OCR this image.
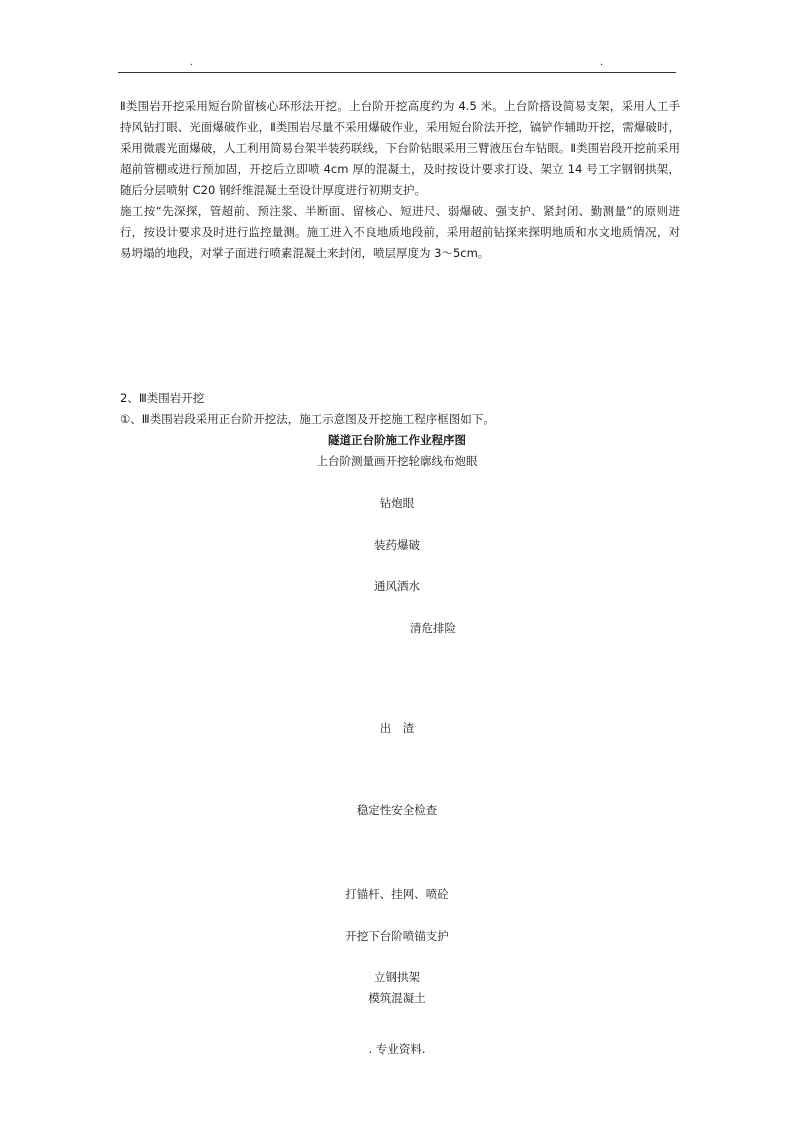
.	.
Ⅱ类围岩开挖采用短台阶留核心环形法开挖。上台阶开挖高度约为 4.5 米。上台阶搭设简易支架，采用人工手持风钻打眼、光面爆破作业，Ⅱ类围岩尽量不采用爆破作业，采用短台阶法开挖，镐铲作辅助开挖，需爆破时，采用微震光面爆破，人工利用简易台架半装药联线，下台阶钻眼采用三臂液压台车钻眼。Ⅱ类围岩段开挖前采用超前管棚或进行预加固，开挖后立即喷 4cm 厚的混凝土，及时按设计要求打设、架立 14 号工字钢钢拱架，随后分层喷射 C20 钢纤维混凝土至设计厚度进行初期支护。
施工按“先深探，管超前、预注浆、半断面、留核心、短进尺、弱爆破、强支护、紧封闭、勤测量”的原则进行，按设计要求及时进行监控量测。施工进入不良地质地段前，采用超前钻探来探明地质和水文地质情况，对易坍塌的地段，对掌子面进行喷素混凝土来封闭，喷层厚度为 3～5cm。
2、Ⅲ类围岩开挖
①、Ⅲ类围岩段采用正台阶开挖法，施工示意图及开挖施工程序框图如下。
隧道正台阶施工作业程序图
上台阶测量画开挖轮廓线布炮眼
钻炮眼
装药爆破
通风洒水
清危排险
出　渣
稳定性安全检查
打锚杆、挂网、喷砼
开挖下台阶喷锚支护
立钢拱架
模筑混凝土
. 专业资料.
